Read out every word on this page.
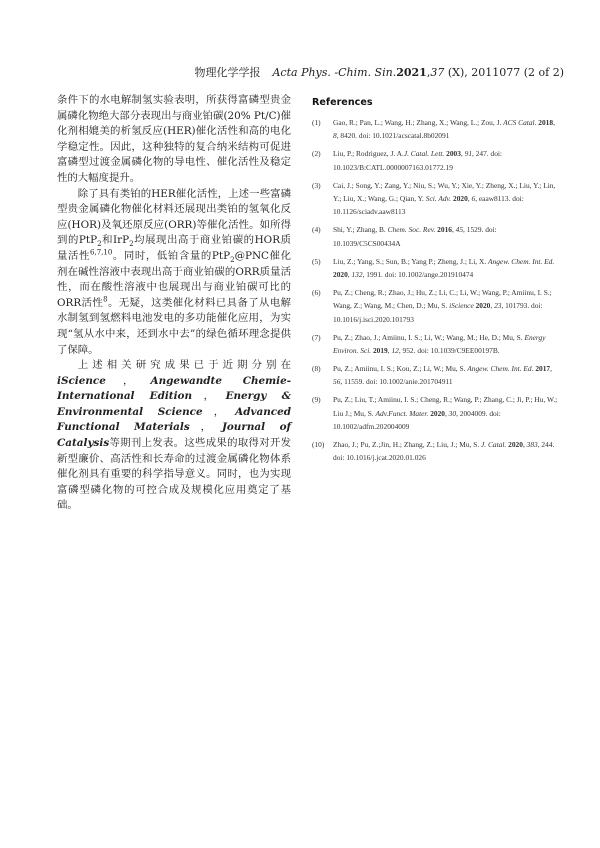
物理化学学报 Acta Phys. -Chim. Sin.2021,37 (X), 2011077 (2 of 2)

条件下的水电解制氢实验表明，所获得富磷型贵金属磷化物绝大部分表现出与商业铂碳(20% Pt/C)催化剂相媲美的析氢反应(HER)催化活性和高的电化学稳定性。因此，这种独特的复合纳米结构可促进富磷型过渡金属磷化物的导电性、催化活性及稳定性的大幅度提升。

除了具有类铂的HER催化活性，上述一些富磷型贵金属磷化物催化材料还展现出类铂的氢氧化反应(HOR)及氧还原反应(ORR)等催化活性。如所得到的PtP$_2$和IrP$_2$均展现出高于商业铂碳的HOR质量活性$^{6,7,10}$。同时，低铂含量的PtP$_2$@PNC催化剂在碱性溶液中表现出高于商业铂碳的ORR质量活性，而在酸性溶液中也展现出与商业铂碳可比的ORR活性$^8$。无疑，这类催化材料已具备了从电解水制氢到氢燃料电池发电的多功能催化应用，为实现“氢从水中来，还到水中去”的绿色循环理念提供了保障。

上述相关研究成果已于近期分别在iScience，Angewandte Chemie-International Edition，Energy & Environmental Science，Advanced Functional Materials，Journal of Catalysis等期刊上发表。这些成果的取得对开发新型廉价、高活性和长寿命的过渡金属磷化物体系催化剂具有重要的科学指导意义。同时，也为实现富磷型磷化物的可控合成及规模化应用奠定了基础。

References
(1) Gao, R.; Pan, L.; Wang, H.; Zhang, X.; Wang, L.; Zou, J. ACS Catal. 2018, 8, 8420. doi: 10.1021/acscatal.8b02091
(2) Liu, P.; Rodriguez, J. A.J. Catal. Lett. 2003, 91, 247. doi: 10.1023/B:CATL.0000007163.01772.19
(3) Cai, J.; Song, Y.; Zang, Y.; Niu, S.; Wu, Y.; Xie, Y.; Zheng, X.; Liu, Y.; Lin, Y.; Liu, X.; Wang, G.; Qian, Y. Sci. Adv. 2020, 6, eaaw8113. doi: 10.1126/sciadv.aaw8113
(4) Shi, Y.; Zhang, B. Chem. Soc. Rev. 2016, 45, 1529. doi: 10.1039/C5CS00434A
(5) Liu, Z.; Yang, S.; Sun, B.; Yang P.; Zheng, J.; Li, X. Angew. Chem. Int. Ed. 2020, 132, 1991. doi: 10.1002/ange.201910474
(6) Pu, Z.; Cheng, R.; Zhao, J.; Hu, Z.; Li, C.; Li, W.; Wang, P.; Amiinu, I. S.; Wang, Z.; Wang, M.; Chen, D.; Mu, S. iScience 2020, 23, 101793. doi: 10.1016/j.isci.2020.101793
(7) Pu, Z.; Zhao, J.; Amiinu, I. S.; Li, W.; Wang, M.; He, D.; Mu, S. Energy Environ. Sci. 2019, 12, 952. doi: 10.1039/C9EE00197B.
(8) Pu, Z.; Amiinu, I. S.; Kou, Z.; Li, W.; Mu, S. Angew. Chem. Int. Ed. 2017, 56, 11559. doi: 10.1002/anie.201704911
(9) Pu, Z.; Liu, T.; Amiinu, I. S.; Cheng, R.; Wang, P.; Zhang, C.; Ji, P.; Hu, W.; Liu J.; Mu, S. Adv.Funct. Mater. 2020, 30, 2004009. doi: 10.1002/adfm.202004009
(10) Zhao, J.; Pu, Z.;Jin, H.; Zhang, Z.; Liu, J.; Mu, S. J. Catal. 2020, 383, 244. doi: 10.1016/j.jcat.2020.01.026
